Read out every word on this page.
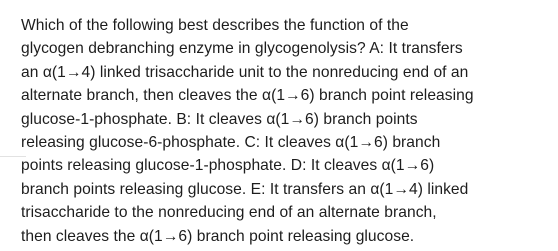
Which of the following best describes the function of the
glycogen debranching enzyme in glycogenolysis? A: It transfers
an α(1→4) linked trisaccharide unit to the nonreducing end of an
alternate branch, then cleaves the α(1→6) branch point releasing
glucose-1-phosphate. B: It cleaves α(1→6) branch points
releasing glucose-6-phosphate. C: It cleaves α(1→6) branch
points releasing glucose-1-phosphate. D: It cleaves α(1→6)
branch points releasing glucose. E: It transfers an α(1→4) linked
trisaccharide to the nonreducing end of an alternate branch,
then cleaves the α(1→6) branch point releasing glucose.
